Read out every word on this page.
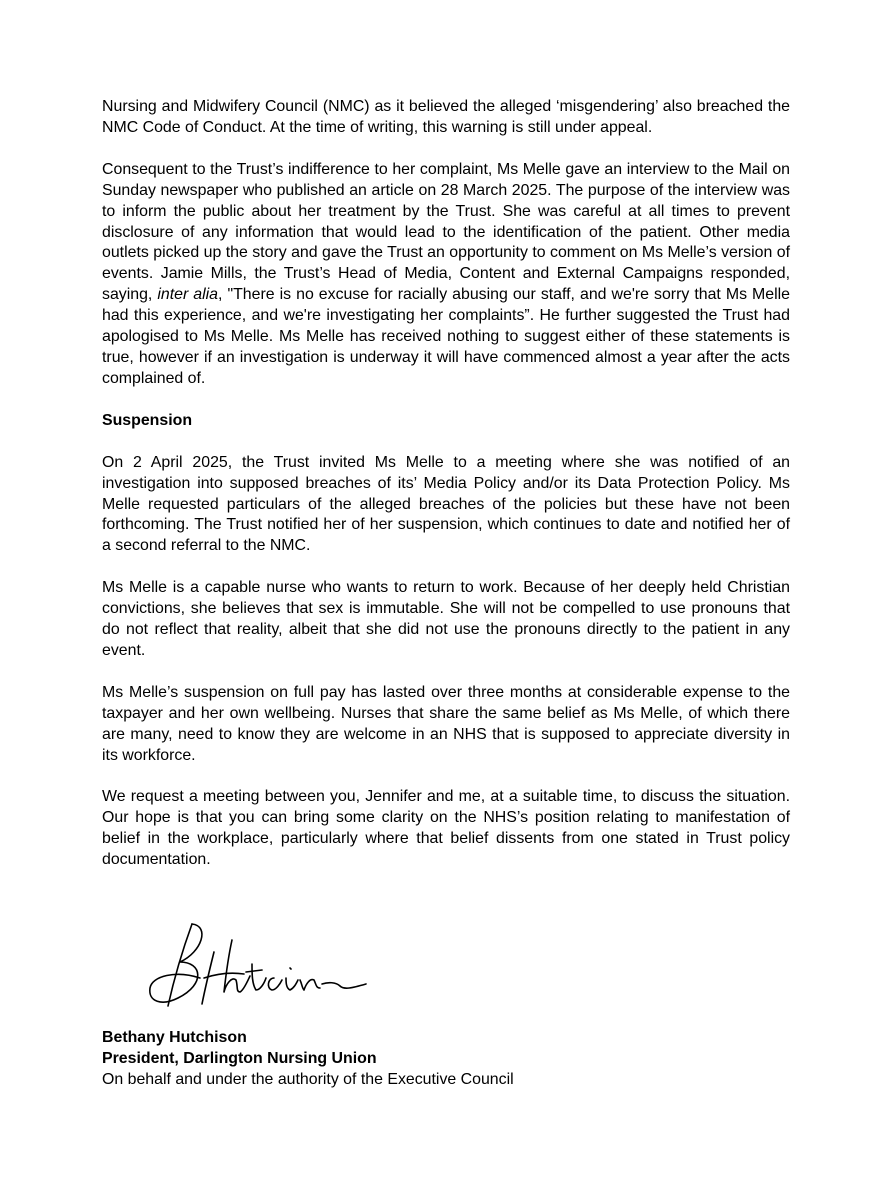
Nursing and Midwifery Council (NMC) as it believed the alleged ‘misgendering’ also breached the NMC Code of Conduct. At the time of writing, this warning is still under appeal.

Consequent to the Trust’s indifference to her complaint, Ms Melle gave an interview to the Mail on Sunday newspaper who published an article on 28 March 2025. The purpose of the interview was to inform the public about her treatment by the Trust. She was careful at all times to prevent disclosure of any information that would lead to the identification of the patient. Other media outlets picked up the story and gave the Trust an opportunity to comment on Ms Melle’s version of events. Jamie Mills, the Trust’s Head of Media, Content and External Campaigns responded, saying, inter alia, "There is no excuse for racially abusing our staff, and we're sorry that Ms Melle had this experience, and we're investigating her complaints”. He further suggested the Trust had apologised to Ms Melle. Ms Melle has received nothing to suggest either of these statements is true, however if an investigation is underway it will have commenced almost a year after the acts complained of.

Suspension

On 2 April 2025, the Trust invited Ms Melle to a meeting where she was notified of an investigation into supposed breaches of its’ Media Policy and/or its Data Protection Policy. Ms Melle requested particulars of the alleged breaches of the policies but these have not been forthcoming. The Trust notified her of her suspension, which continues to date and notified her of a second referral to the NMC.

Ms Melle is a capable nurse who wants to return to work. Because of her deeply held Christian convictions, she believes that sex is immutable. She will not be compelled to use pronouns that do not reflect that reality, albeit that she did not use the pronouns directly to the patient in any event.

Ms Melle’s suspension on full pay has lasted over three months at considerable expense to the taxpayer and her own wellbeing. Nurses that share the same belief as Ms Melle, of which there are many, need to know they are welcome in an NHS that is supposed to appreciate diversity in its workforce.

We request a meeting between you, Jennifer and me, at a suitable time, to discuss the situation. Our hope is that you can bring some clarity on the NHS’s position relating to manifestation of belief in the workplace, particularly where that belief dissents from one stated in Trust policy documentation.

Bethany Hutchison
President, Darlington Nursing Union
On behalf and under the authority of the Executive Council
